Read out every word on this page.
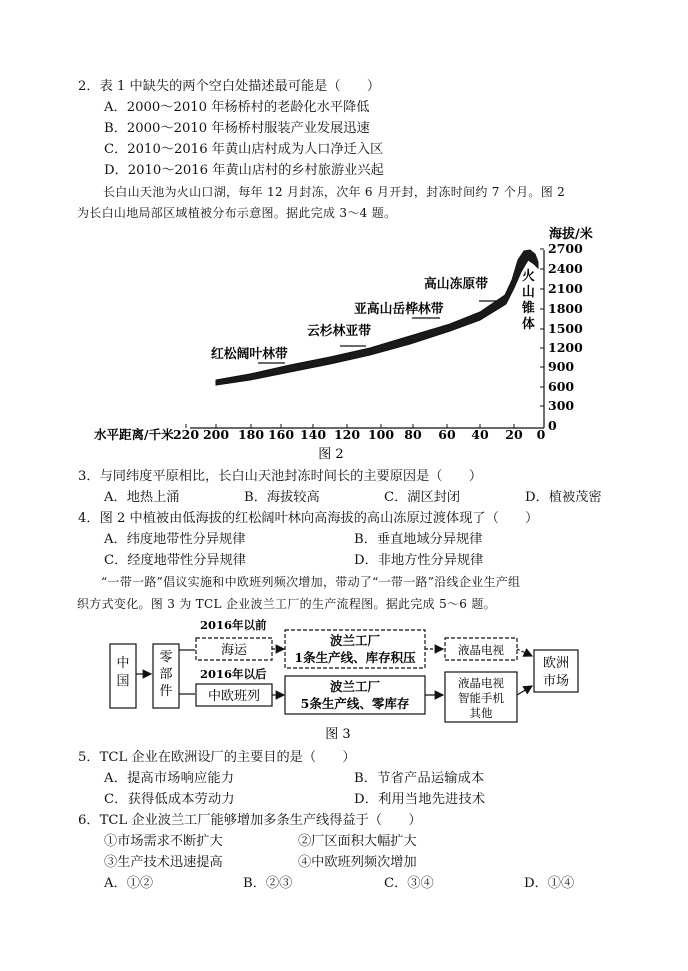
2．表 1 中缺失的两个空白处描述最可能是（　　）
A．2000～2010 年杨桥村的老龄化水平降低
B．2000～2010 年杨桥村服装产业发展迅速
C．2010～2016 年黄山店村成为人口净迁入区
D．2010～2016 年黄山店村的乡村旅游业兴起
长白山天池为火山口湖，每年 12 月封冻，次年 6 月开封，封冻时间约 7 个月。图 2
为长白山地局部区域植被分布示意图。据此完成 3～4 题。
海拔/米
2700
2400
2100
1800
1500
1200
900
600
300
0
水平距离/千米 220 200 180 160 140 120 100 80 60 40 20 0
高山冻原带
亚高山岳桦林带
云杉林亚带
红松阔叶林带
火
山
锥
体
图 2
3．与同纬度平原相比，长白山天池封冻时间长的主要原因是（　　）
A．地热上涌	B．海拔较高	C．湖区封闭	D．植被茂密
4．图 2 中植被由低海拔的红松阔叶林向高海拔的高山冻原过渡体现了（　　）
A．纬度地带性分异规律	B．垂直地域分异规律
C．经度地带性分异规律	D．非地方性分异规律
“一带一路”倡议实施和中欧班列频次增加，带动了“一带一路”沿线企业生产组
织方式变化。图 3 为 TCL 企业波兰工厂的生产流程图。据此完成 5～6 题。
中
国
零
部
件
2016年以前
2016年以后
海运
波兰工厂
1条生产线、库存积压	液晶电视
中欧班列
波兰工厂
5条生产线、零库存
液晶电视
智能手机
其他
欧洲
市场
图 3
5．TCL 企业在欧洲设厂的主要目的是（　　）
A．提高市场响应能力	B．节省产品运输成本
C．获得低成本劳动力	D．利用当地先进技术
6．TCL 企业波兰工厂能够增加多条生产线得益于（　　）
①市场需求不断扩大	②厂区面积大幅扩大
③生产技术迅速提高	④中欧班列频次增加
A．①②	B．②③	C．③④	D．①④
